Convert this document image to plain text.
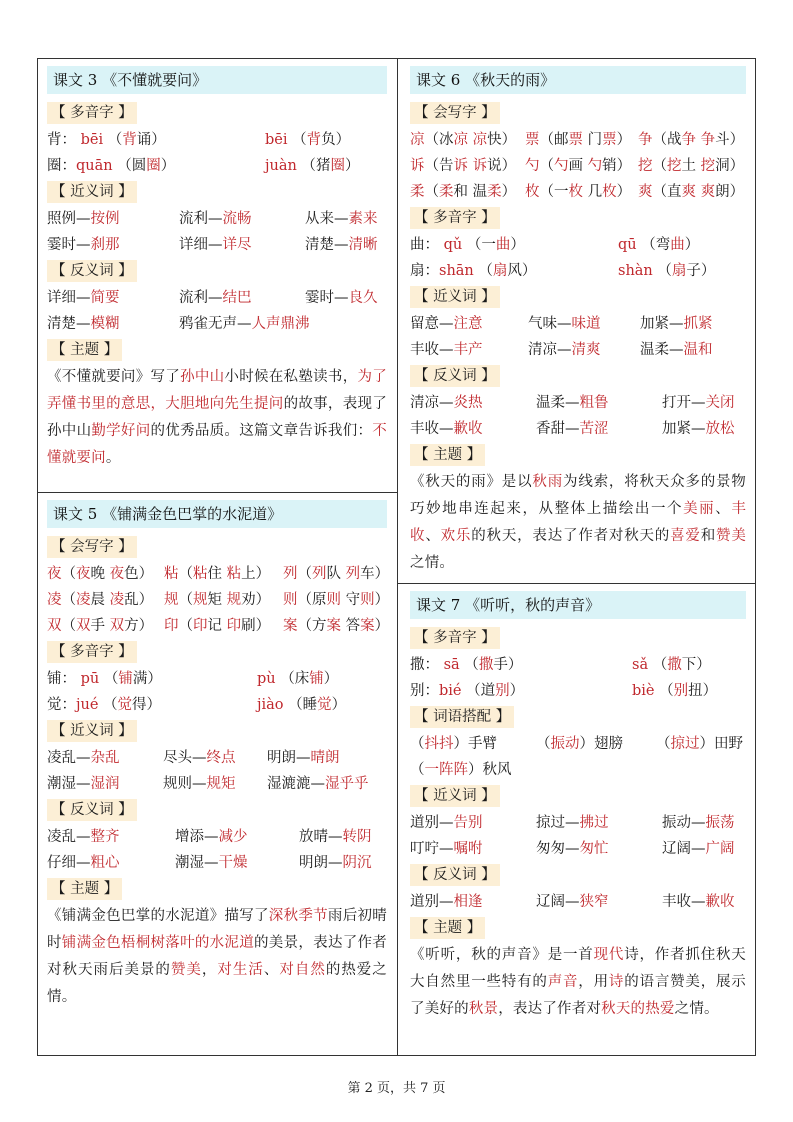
课文 3 《不懂就要问》
【 多音字 】
背： bēi （背诵）	bēi （背负）
圈：quān （圆圈）	juàn （猪圈）
【 近义词 】
照例—按例	流利—流畅	从来—素来
霎时—刹那	详细—详尽	清楚—清晰
【 反义词 】
详细—简要	流利—结巴	霎时—良久
清楚—模糊	鸦雀无声—人声鼎沸
【 主题 】
《不懂就要问》写了孙中山小时候在私塾读书，为了弄懂书里的意思，大胆地向先生提问的故事，表现了孙中山勤学好问的优秀品质。这篇文章告诉我们：不懂就要问。
课文 5 《铺满金色巴掌的水泥道》
【 会写字 】
夜（夜晚 夜色） 粘（粘住 粘上） 列（列队 列车）
凌（凌晨 凌乱） 规（规矩 规劝） 则（原则 守则）
双（双手 双方） 印（印记 印刷） 案（方案 答案）
【 多音字 】
铺： pū （铺满）	pù （床铺）
觉：jué （觉得）	jiào （睡觉）
【 近义词 】
凌乱—杂乱	尽头—终点 明朗—晴朗
潮湿—湿润	规则—规矩 湿漉漉—湿乎乎
【 反义词 】
凌乱—整齐	增添—减少	放晴—转阴
仔细—粗心	潮湿—干燥	明朗—阴沉
【 主题 】
《铺满金色巴掌的水泥道》描写了深秋季节雨后初晴时铺满金色梧桐树落叶的水泥道的美景，表达了作者对秋天雨后美景的赞美，对生活、对自然的热爱之情。
课文 6 《秋天的雨》
【 会写字 】
凉（冰凉 凉快） 票（邮票 门票） 争（战争 争斗）
诉（告诉 诉说） 勺（勺画 勺销） 挖（挖土 挖洞）
柔（柔和 温柔） 枚（一枚 几枚） 爽（直爽 爽朗）
【 多音字 】
曲： qǔ （一曲）	qū （弯曲）
扇：shān （扇风）	shàn （扇子）
【 近义词 】
留意—注意	气味—味道	加紧—抓紧
丰收—丰产	清凉—清爽	温柔—温和
【 反义词 】
清凉—炎热	温柔—粗鲁	打开—关闭
丰收—歉收	香甜—苦涩	加紧—放松
【 主题 】
《秋天的雨》是以秋雨为线索，将秋天众多的景物巧妙地串连起来，从整体上描绘出一个美丽、丰收、欢乐的秋天，表达了作者对秋天的喜爱和赞美之情。
课文 7 《听听，秋的声音》
【 多音字 】
撒： sā （撒手）	sǎ （撒下）
别：bié （道别）	biè （别扭）
【 词语搭配 】
（抖抖）手臂	（振动）翅膀 （掠过）田野
（一阵阵）秋风
【 近义词 】
道别—告别	掠过—拂过	振动—振荡
叮咛—嘱咐	匆匆—匆忙	辽阔—广阔
【 反义词 】
道别—相逢	辽阔—狭窄	丰收—歉收
【 主题 】
《听听，秋的声音》是一首现代诗，作者抓住秋天大自然里一些特有的声音，用诗的语言赞美，展示了美好的秋景，表达了作者对秋天的热爱之情。
第 2 页，共 7 页
